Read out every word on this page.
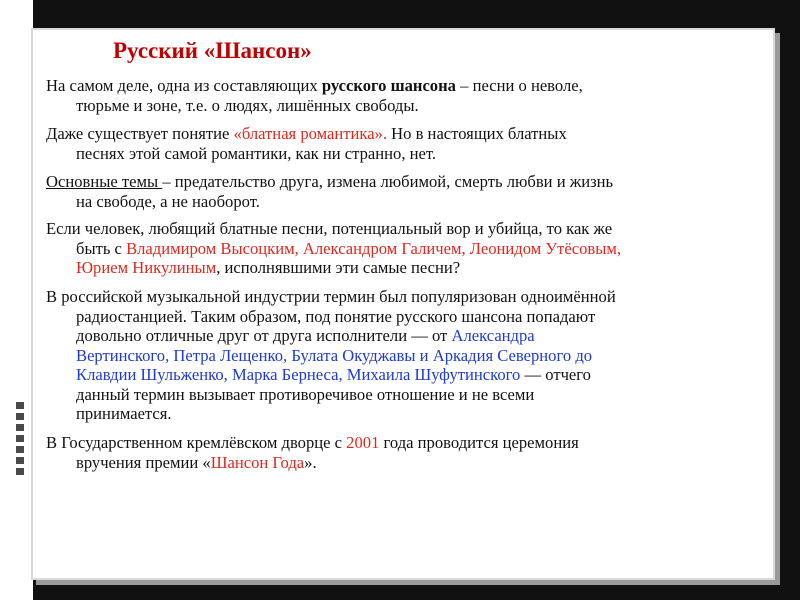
Русский «Шансон»

На самом деле, одна из составляющих русского шансона – песни о неволе,
тюрьме и зоне, т.е. о людях, лишённых свободы.

Даже существует понятие «блатная романтика». Но в настоящих блатных
песнях этой самой романтики, как ни странно, нет.

Основные темы – предательство друга, измена любимой, смерть любви и жизнь
на свободе, а не наоборот.

Если человек, любящий блатные песни, потенциальный вор и убийца, то как же
быть с Владимиром Высоцким, Александром Галичем, Леонидом Утёсовым,
Юрием Никулиным, исполнявшими эти самые песни?

В российской музыкальной индустрии термин был популяризован одноимённой
радиостанцией. Таким образом, под понятие русского шансона попадают
довольно отличные друг от друга исполнители — от Александра
Вертинского, Петра Лещенко, Булата Окуджавы и Аркадия Северного до
Клавдии Шульженко, Марка Бернеса, Михаила Шуфутинского — отчего
данный термин вызывает противоречивое отношение и не всеми
принимается.

В Государственном кремлёвском дворце с 2001 года проводится церемония
вручения премии «Шансон Года».
